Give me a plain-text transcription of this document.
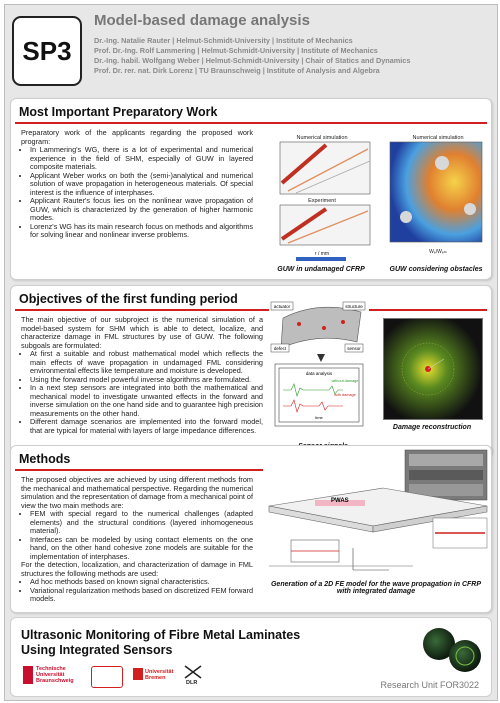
SP3
Model-based damage analysis
Dr.-Ing. Natalie Rauter | Helmut-Schmidt-University | Institute of Mechanics
Prof. Dr.-Ing. Rolf Lammering | Helmut-Schmidt-University | Institute of Mechanics
Dr.-Ing. habil. Wolfgang Weber | Helmut-Schmidt-University | Chair of Statics and Dynamics
Prof. Dr. rer. nat. Dirk Lorenz | TU Braunschweig | Institute of Analysis and Algebra
Most Important Preparatory Work
Preparatory work of the applicants regarding the proposed work program:
• In Lammering's WG, there is a lot of experimental and numerical experience in the field of SHM, especially of GUW in layered composite materials.
• Applicant Weber works on both the (semi-)analytical and numerical solution of wave propagation in heterogeneous materials. Of special interest is the influence of interphases.
• Applicant Rauter's focus lies on the nonlinear wave propagation of GUW, which is characterized by the generation of higher harmonic modes.
• Lorenz's WG has its main research focus on methods and algorithms for solving linear and nonlinear inverse problems.
Numerical simulation
Experiment
r / mm
Numerical simulation
Wₑ/Wₑₘ
GUW in undamaged CFRP	GUW considering obstacles
Objectives of the first funding period
The main objective of our subproject is the numerical simulation of a model-based system for SHM which is able to detect, localize, and characterize damage in FML structures by use of GUW. The following subgoals are formulated:
• At first a suitable and robust mathematical model which reflects the main effects of wave propagation in undamaged FML considering environmental effects like temperature and moisture is developed.
• Using the forward model powerful inverse algorithms are formulated.
• In a next step sensors are integrated into both the mathematical and mechanical model to investigate unwanted effects in the forward and inverse simulation on the one hand side and to guarantee high precision measurements on the other hand.
• Different damage scenarios are implemented into the forward model, that are typical for material with layers of large impedance differences.
actuator	structure
defect	sensor
data analysis
without damage
with damage
time
Damage reconstruction
Methods
The proposed objectives are achieved by using different methods from the mechanical and mathematical perspective. Regarding the numerical simulation and the representation of damage from a mechanical point of view the two main methods are:
• FEM with special regard to the numerical challenges (adapted elements) and the structural conditions (layered inhomogeneous material).
• Interfaces can be modeled by using contact elements on the one hand, on the other hand cohesive zone models are suitable for the implementation of interphases.
For the detection, localization, and characterization of damage in FML structures the following methods are used:
• Ad hoc methods based on known signal characteristics.
• Variational regularization methods based on discretized FEM forward models.
PWAS
Generation of a 2D FE model for the wave propagation in CFRP with integrated damage
Ultrasonic Monitoring of Fibre Metal Laminates
Using Integrated Sensors
Technische Universität Braunschweig
Universität Bremen
DLR	Research Unit FOR3022
